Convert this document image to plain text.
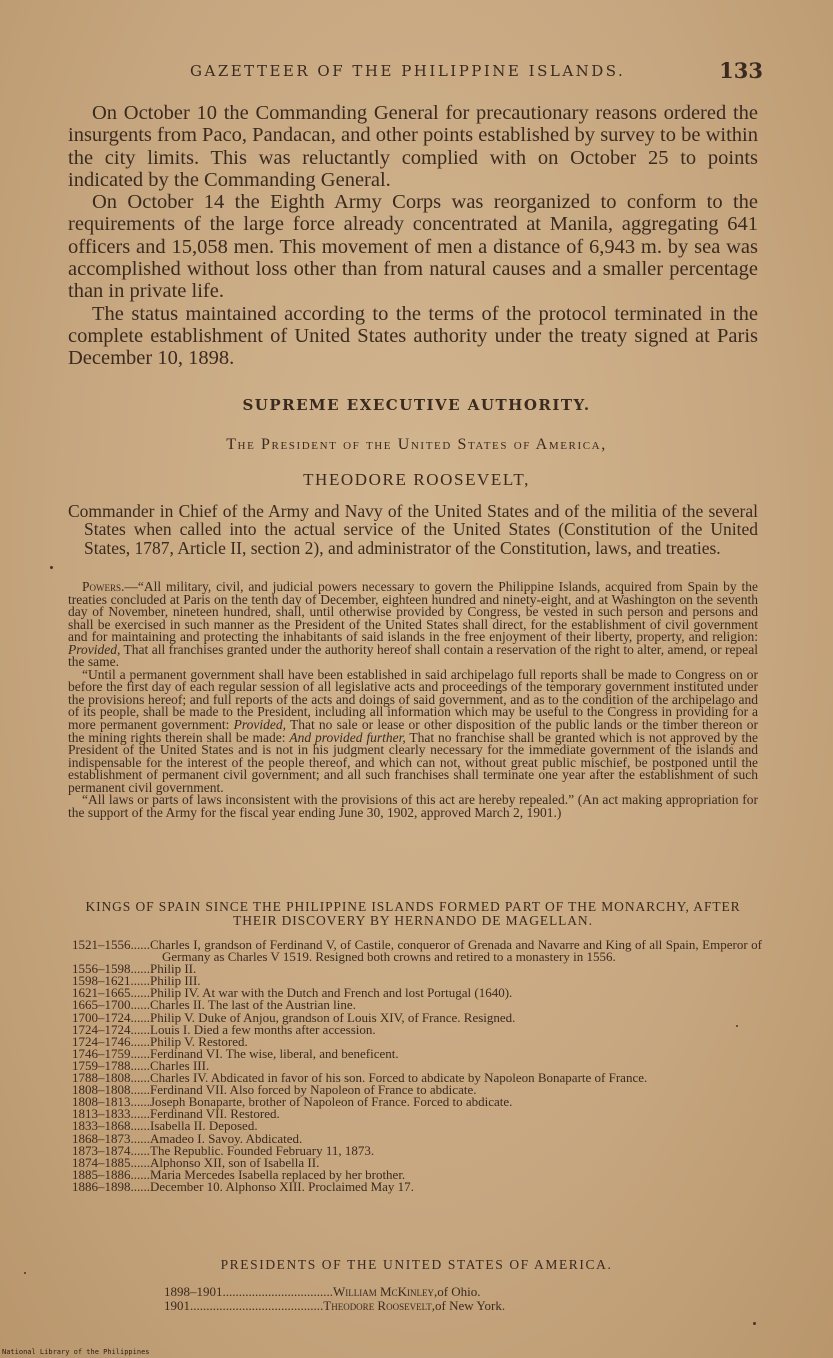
GAZETTEER OF THE PHILIPPINE ISLANDS.	133

On October 10 the Commanding General for precautionary reasons ordered the insurgents from Paco, Pandacan, and other points established by survey to be within the city limits. This was reluctantly complied with on October 25 to points indicated by the Commanding General.

On October 14 the Eighth Army Corps was reorganized to conform to the requirements of the large force already concentrated at Manila, aggregating 641 officers and 15,058 men. This movement of men a distance of 6,943 m. by sea was accomplished without loss other than from natural causes and a smaller percentage than in private life.

The status maintained according to the terms of the protocol terminated in the complete establishment of United States authority under the treaty signed at Paris December 10, 1898.

SUPREME EXECUTIVE AUTHORITY.
The President of the United States of America,
THEODORE ROOSEVELT,
Commander in Chief of the Army and Navy of the United States and of the militia of the several States when called into the actual service of the United States (Constitution of the United States, 1787, Article II, section 2), and administrator of the Constitution, laws, and treaties.

Powers.—“All military, civil, and judicial powers necessary to govern the Philippine Islands, acquired from Spain by the treaties concluded at Paris on the tenth day of December, eighteen hundred and ninety-eight, and at Washington on the seventh day of November, nineteen hundred, shall, until otherwise provided by Congress, be vested in such person and persons and shall be exercised in such manner as the President of the United States shall direct, for the establishment of civil government and for maintaining and protecting the inhabitants of said islands in the free enjoyment of their liberty, property, and religion: Provided, That all franchises granted under the authority hereof shall contain a reservation of the right to alter, amend, or repeal the same.

“Until a permanent government shall have been established in said archipelago full reports shall be made to Congress on or before the first day of each regular session of all legislative acts and proceedings of the temporary government instituted under the provisions hereof; and full reports of the acts and doings of said government, and as to the condition of the archipelago and of its people, shall be made to the President, including all information which may be useful to the Congress in providing for a more permanent government: Provided, That no sale or lease or other disposition of the public lands or the timber thereon or the mining rights therein shall be made: And provided further, That no franchise shall be granted which is not approved by the President of the United States and is not in his judgment clearly necessary for the immediate government of the islands and indispensable for the interest of the people thereof, and which can not, without great public mischief, be postponed until the establishment of permanent civil government; and all such franchises shall terminate one year after the establishment of such permanent civil government.

“All laws or parts of laws inconsistent with the provisions of this act are hereby repealed.” (An act making appropriation for the support of the Army for the fiscal year ending June 30, 1902, approved March 2, 1901.)

KINGS OF SPAIN SINCE THE PHILIPPINE ISLANDS FORMED PART OF THE MONARCHY, AFTER THEIR DISCOVERY BY HERNANDO DE MAGELLAN.
1521–1556...... Charles I, grandson of Ferdinand V, of Castile, conqueror of Grenada and Navarre and King of all Spain, Emperor of Germany as Charles V 1519. Resigned both crowns and retired to a monastery in 1556.
1556–1598...... Philip II.
1598–1621...... Philip III.
1621–1665...... Philip IV. At war with the Dutch and French and lost Portugal (1640).
1665–1700...... Charles II. The last of the Austrian line.
1700–1724...... Philip V. Duke of Anjou, grandson of Louis XIV, of France. Resigned.
1724–1724...... Louis I. Died a few months after accession.
1724–1746...... Philip V. Restored.
1746–1759...... Ferdinand VI. The wise, liberal, and beneficent.
1759–1788...... Charles III.
1788–1808...... Charles IV. Abdicated in favor of his son. Forced to abdicate by Napoleon Bonaparte of France.
1808–1808...... Ferdinand VII. Also forced by Napoleon of France to abdicate.
1808–1813...... Joseph Bonaparte, brother of Napoleon of France. Forced to abdicate.
1813–1833...... Ferdinand VII. Restored.
1833–1868...... Isabella II. Deposed.
1868–1873...... Amadeo I. Savoy. Abdicated.
1873–1874...... The Republic. Founded February 11, 1873.
1874–1885...... Alphonso XII, son of Isabella II.
1885–1886...... Maria Mercedes Isabella replaced by her brother.
1886–1898...... December 10. Alphonso XIII. Proclaimed May 17.
PRESIDENTS OF THE UNITED STATES OF AMERICA.
1898–1901 .................................. William McKinley, of Ohio.
1901 ......................................... Theodore Roosevelt, of New York.
National Library of the Philippines
